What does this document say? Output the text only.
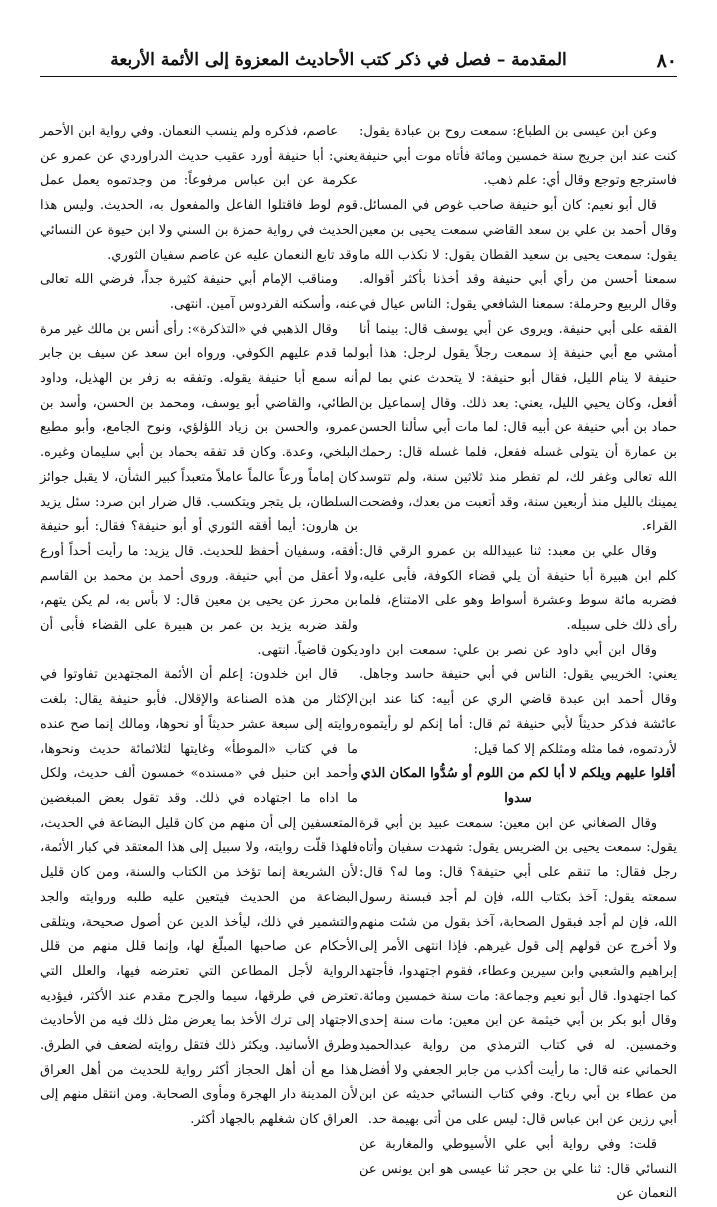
٨٠
المقدمة – فصل في ذكر كتب الأحاديث المعزوة إلى الأئمة الأربعة

وعن ابن عيسى بن الطباع: سمعت روح بن عبادة يقول: كنت عند ابن جريج سنة خمسين ومائة فأتاه موت أبي حنيفة فاسترجع وتوجع وقال أي: علم ذهب.

قال أبو نعيم: كان أبو حنيفة صاحب غوص في المسائل. وقال أحمد بن علي بن سعد القاضي سمعت يحيى بن معين يقول: سمعت يحيى بن سعيد القطان يقول: لا نكذب الله ما سمعنا أحسن من رأي أبي حنيفة وقد أخذنا بأكثر أقواله. وقال الربيع وحرملة: سمعنا الشافعي يقول: الناس عيال في الفقه على أبي حنيفة. ويروى عن أبي يوسف قال: بينما أنا أمشي مع أبي حنيفة إذ سمعت رجلاً يقول لرجل: هذا أبو حنيفة لا ينام الليل، فقال أبو حنيفة: لا يتحدث عني بما لم أفعل، وكان يحيي الليل، يعني: بعد ذلك. وقال إسماعيل بن حماد بن أبي حنيفة عن أبيه قال: لما مات أبي سألنا الحسن بن عمارة أن يتولى غسله ففعل، فلما غسله قال: رحمك الله تعالى وغفر لك، لم تفطر منذ ثلاثين سنة، ولم تتوسد يمينك بالليل منذ أربعين سنة، وقد أتعبت من بعدك، وفضحت القراء.

وقال علي بن معبد: ثنا عبيدالله بن عمرو الرقي قال: كلم ابن هبيرة أبا حنيفة أن يلي قضاء الكوفة، فأبى عليه، فضربه مائة سوط وعشرة أسواط وهو على الامتناع، فلما رأى ذلك خلى سبيله.

وقال ابن أبي داود عن نصر بن علي: سمعت ابن داود يعني: الخريبي يقول: الناس في أبي حنيفة حاسد وجاهل. وقال أحمد ابن عبدة قاضي الري عن أبيه: كنا عند ابن عائشة فذكر حديثاً لأبي حنيفة ثم قال: أما إنكم لو رأيتموه لأردتموه، فما مثله ومثلكم إلا كما قيل:

أقلوا عليهم ويلكم لا أبا لكم من اللوم أو سُدُّوا المكان الذي سدوا

وقال الصغاني عن ابن معين: سمعت عبيد بن أبي قرة يقول: سمعت يحيى بن الضريس يقول: شهدت سفيان وأتاه رجل فقال: ما تنقم على أبي حنيفة؟ قال: وما له؟ قال: سمعته يقول: آخذ بكتاب الله، فإن لم أجد فبسنة رسول الله، فإن لم أجد فبقول الصحابة، آخذ بقول من شئت منهم ولا أخرج عن قولهم إلى قول غيرهم. فإذا انتهى الأمر إلى إبراهيم والشعبي وابن سيرين وعطاء، فقوم اجتهدوا، فأجتهد كما اجتهدوا. قال أبو نعيم وجماعة: مات سنة خمسين ومائة. وقال أبو بكر بن أبي خيثمة عن ابن معين: مات سنة إحدى وخمسين. له في كتاب الترمذي من رواية عبدالحميد الحماني عنه قال: ما رأيت أكذب من جابر الجعفي ولا أفضل من عطاء بن أبي رباح. وفي كتاب النسائي حديثه عن ابن أبي رزين عن ابن عباس قال: ليس على من أتى بهيمة حد.

قلت: وفي رواية أبي علي الأسيوطي والمغاربة عن النسائي قال: ثنا علي بن حجر ثنا عيسى هو ابن يونس عن النعمان عن

عاصم، فذكره ولم ينسب النعمان. وفي رواية ابن الأحمر يعني: أبا حنيفة أورد عقيب حديث الدراوردي عن عمرو عن عكرمة عن ابن عباس مرفوعاً: من وجدتموه يعمل عمل قوم لوط فاقتلوا الفاعل والمفعول به، الحديث. وليس هذا الحديث في رواية حمزة بن السني ولا ابن حيوة عن النسائي وقد تابع النعمان عليه عن عاصم سفيان الثوري.

ومناقب الإمام أبي حنيفة كثيرة جداً، فرضي الله تعالى عنه، وأسكنه الفردوس آمين. انتهى.

وقال الذهبي في «التذكرة»: رأى أنس بن مالك غير مرة لما قدم عليهم الكوفي. ورواه ابن سعد عن سيف بن جابر أنه سمع أبا حنيفة يقوله. وتفقه به زفر بن الهذيل، وداود الطائي، والقاضي أبو يوسف، ومحمد بن الحسن، وأسد بن عمرو، والحسن بن زياد اللؤلؤي، ونوح الجامع، وأبو مطيع البلخي، وعدة. وكان قد تفقه بحماد بن أبي سليمان وغيره. كان إماماً ورعاً عالماً عاملاً متعبداً كبير الشأن، لا يقبل جوائز السلطان، بل يتجر ويتكسب. قال ضرار ابن صرد: سئل يزيد بن هارون: أيما أفقه الثوري أو أبو حنيفة؟ فقال: أبو حنيفة أفقه، وسفيان أحفظ للحديث. قال يزيد: ما رأيت أحداً أورع ولا أعقل من أبي حنيفة. وروى أحمد بن محمد بن القاسم بن محرز عن يحيى بن معين قال: لا بأس به، لم يكن يتهم، ولقد ضربه يزيد بن عمر بن هبيرة على القضاء فأبى أن يكون قاضياً. انتهى.

قال ابن خلدون: إعلم أن الأئمة المجتهدين تفاوتوا في الإكثار من هذه الصناعة والإقلال. فأبو حنيفة يقال: بلغت روايته إلى سبعة عشر حديثاً أو نحوها، ومالك إنما صح عنده ما في كتاب «الموطأ» وغايتها لثلاثمائة حديث ونحوها، وأحمد ابن حنبل في «مسنده» خمسون ألف حديث، ولكل ما اداه ما اجتهاده في ذلك. وقد تقول بعض المبغضين المتعسفين إلى أن منهم من كان قليل البضاعة في الحديث، فلهذا قلّت روايته، ولا سبيل إلى هذا المعتقد في كبار الأئمة، لأن الشريعة إنما تؤخذ من الكتاب والسنة، ومن كان قليل البضاعة من الحديث فيتعين عليه طلبه وروايته والجد والتشمير في ذلك، ليأخذ الدين عن أصول صحيحة، ويتلقى الأحكام عن صاحبها المبلّغ لها، وإنما قلل منهم من قلل الرواية لأجل المطاعن التي تعترضه فيها، والعلل التي تعترض في طرقها، سيما والجرح مقدم عند الأكثر، فيؤديه الاجتهاد إلى ترك الأخذ بما يعرض مثل ذلك فيه من الأحاديث وطرق الأسانيد. ويكثر ذلك فتقل روايته لضعف في الطرق. هذا مع أن أهل الحجاز أكثر رواية للحديث من أهل العراق لأن المدينة دار الهجرة ومأوى الصحابة. ومن انتقل منهم إلى العراق كان شغلهم بالجهاد أكثر.
